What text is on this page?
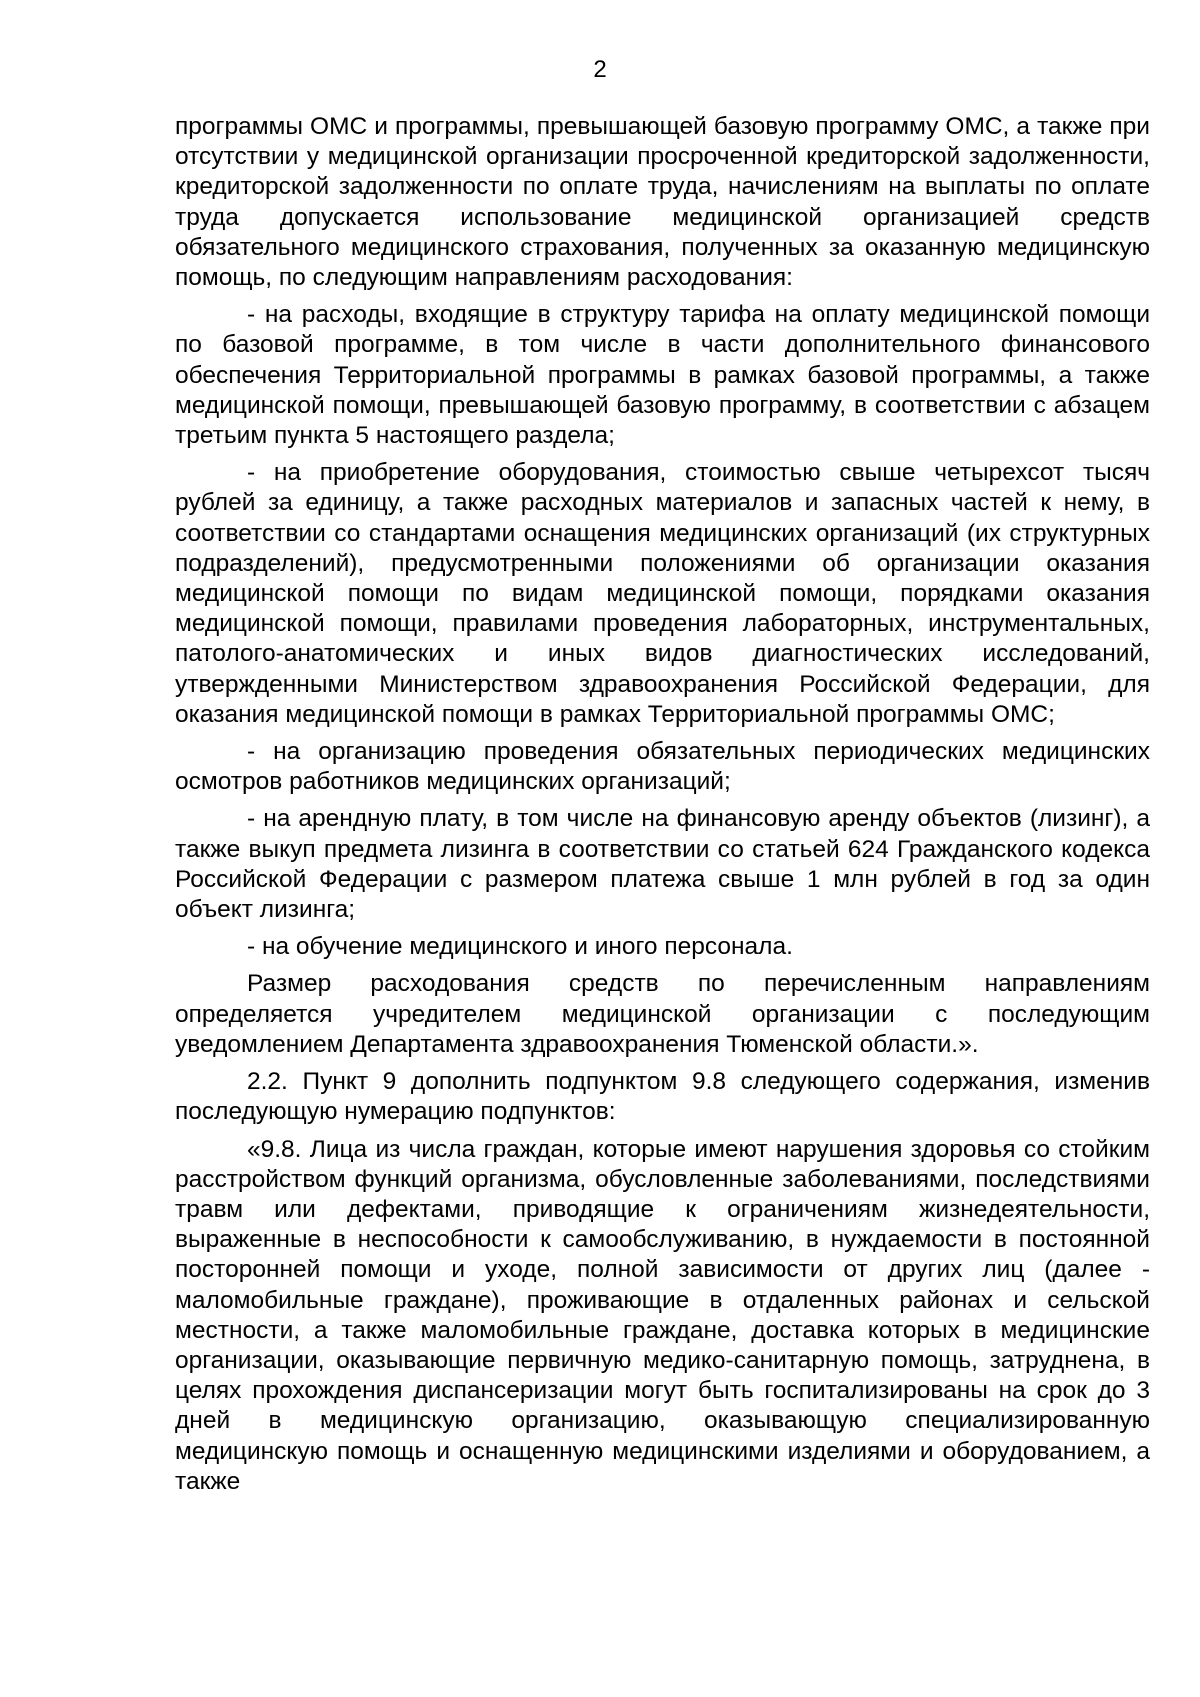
2

программы ОМС и программы, превышающей базовую программу ОМС, а также при отсутствии у медицинской организации просроченной кредиторской задолженности, кредиторской задолженности по оплате труда, начислениям на выплаты по оплате труда допускается использование медицинской организацией средств обязательного медицинского страхования, полученных за оказанную медицинскую помощь, по следующим направлениям расходования:

- на расходы, входящие в структуру тарифа на оплату медицинской помощи по базовой программе, в том числе в части дополнительного финансового обеспечения Территориальной программы в рамках базовой программы, а также медицинской помощи, превышающей базовую программу, в соответствии с абзацем третьим пункта 5 настоящего раздела;

- на приобретение оборудования, стоимостью свыше четырехсот тысяч рублей за единицу, а также расходных материалов и запасных частей к нему, в соответствии со стандартами оснащения медицинских организаций (их структурных подразделений), предусмотренными положениями об организации оказания медицинской помощи по видам медицинской помощи, порядками оказания медицинской помощи, правилами проведения лабораторных, инструментальных, патолого-анатомических и иных видов диагностических исследований, утвержденными Министерством здравоохранения Российской Федерации, для оказания медицинской помощи в рамках Территориальной программы ОМС;

- на организацию проведения обязательных периодических медицинских осмотров работников медицинских организаций;

- на арендную плату, в том числе на финансовую аренду объектов (лизинг), а также выкуп предмета лизинга в соответствии со статьей 624 Гражданского кодекса Российской Федерации с размером платежа свыше 1 млн рублей в год за один объект лизинга;

- на обучение медицинского и иного персонала.

Размер расходования средств по перечисленным направлениям определяется учредителем медицинской организации с последующим уведомлением Департамента здравоохранения Тюменской области.».

2.2. Пункт 9 дополнить подпунктом 9.8 следующего содержания, изменив последующую нумерацию подпунктов:

«9.8. Лица из числа граждан, которые имеют нарушения здоровья со стойким расстройством функций организма, обусловленные заболеваниями, последствиями травм или дефектами, приводящие к ограничениям жизнедеятельности, выраженные в неспособности к самообслуживанию, в нуждаемости в постоянной посторонней помощи и уходе, полной зависимости от других лиц (далее - маломобильные граждане), проживающие в отдаленных районах и сельской местности, а также маломобильные граждане, доставка которых в медицинские организации, оказывающие первичную медико-санитарную помощь, затруднена, в целях прохождения диспансеризации могут быть госпитализированы на срок до 3 дней в медицинскую организацию, оказывающую специализированную медицинскую помощь и оснащенную медицинскими изделиями и оборудованием, а также
